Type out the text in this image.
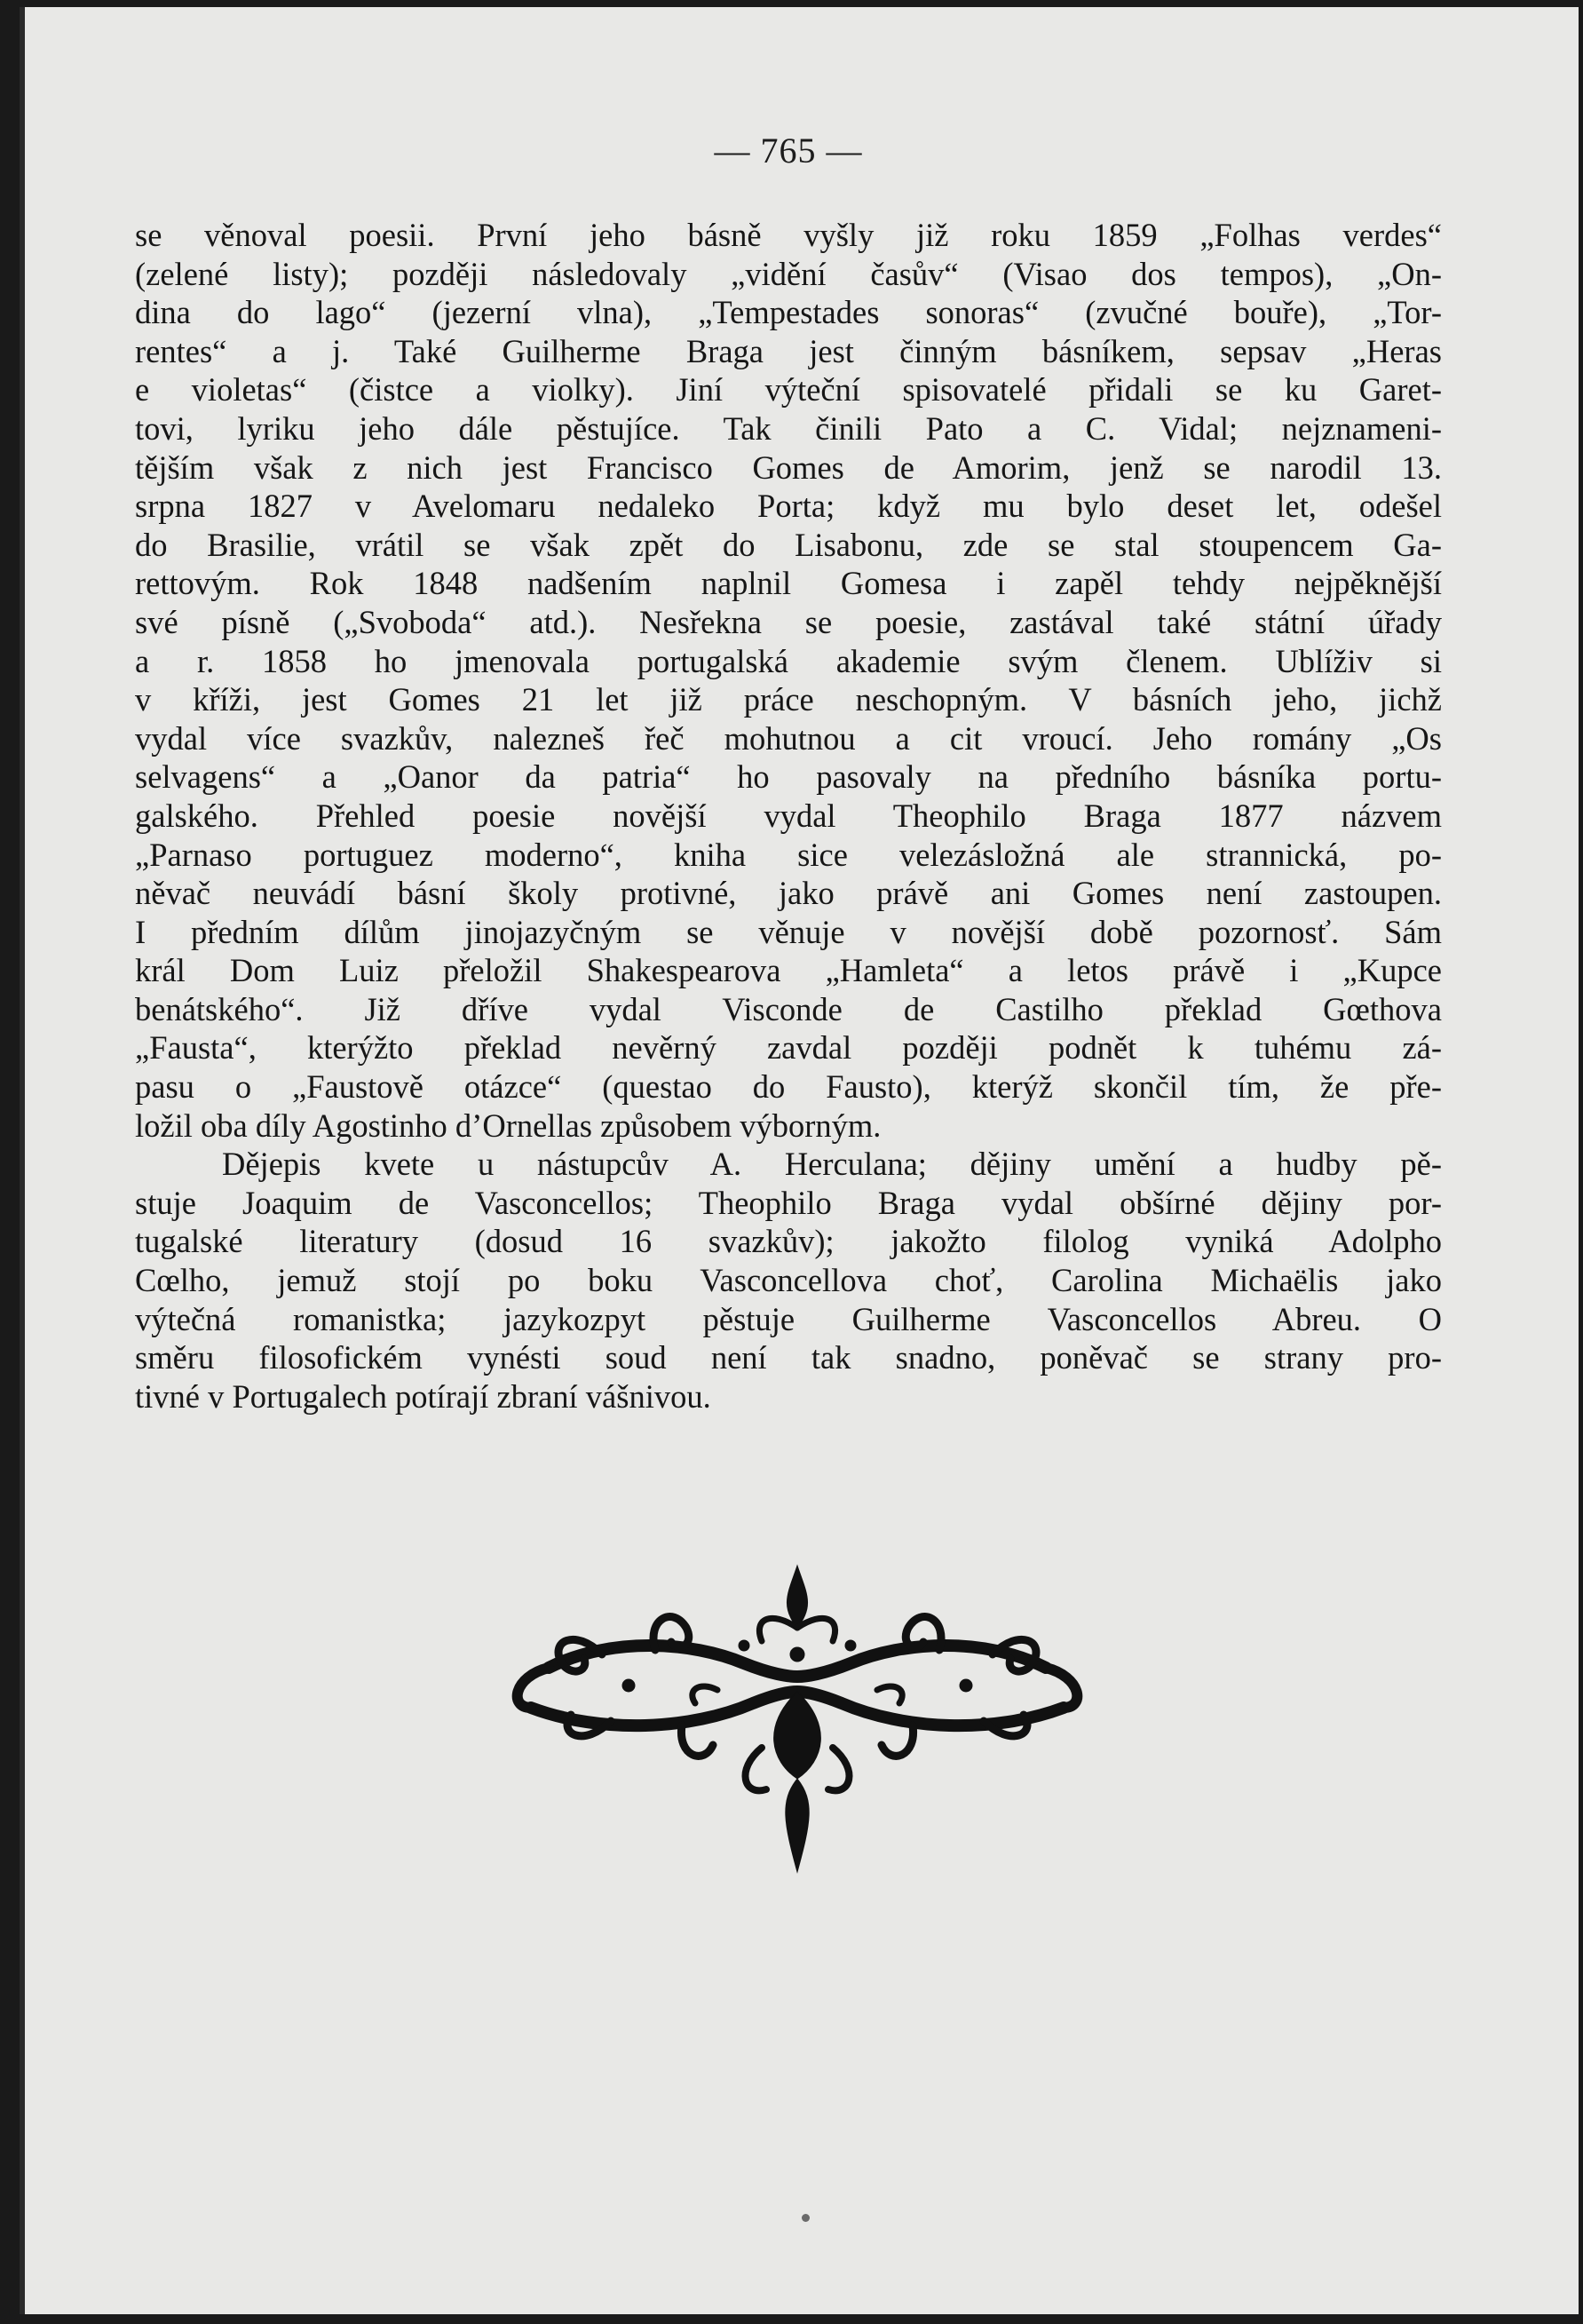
— 765 —
se věnoval poesii. První jeho básně vyšly již roku 1859 „Folhas verdes“
(zelené listy); později následovaly „vidění časův“ (Visao dos tempos), „On-
dina do lago“ (jezerní vlna), „Tempestades sonoras“ (zvučné bouře), „Tor-
rentes“ a j. Také Guilherme Braga jest činným básníkem, sepsav „Heras
e violetas“ (čistce a violky). Jiní výteční spisovatelé přidali se ku Garet-
tovi, lyriku jeho dále pěstujíce. Tak činili Pato a C. Vidal; nejznameni-
tějším však z nich jest Francisco Gomes de Amorim, jenž se narodil 13.
srpna 1827 v Avelomaru nedaleko Porta; když mu bylo deset let, odešel
do Brasilie, vrátil se však zpět do Lisabonu, zde se stal stoupencem Ga-
rettovým. Rok 1848 nadšením naplnil Gomesa i zapěl tehdy nejpěknější
své písně („Svoboda“ atd.). Nesřekna se poesie, zastával také státní úřady
a r. 1858 ho jmenovala portugalská akademie svým členem. Ublíživ si
v kříži, jest Gomes 21 let již práce neschopným. V básních jeho, jichž
vydal více svazkův, nalezneš řeč mohutnou a cit vroucí. Jeho romány „Os
selvagens“ a „Oanor da patria“ ho pasovaly na předního básníka portu-
galského. Přehled poesie novější vydal Theophilo Braga 1877 názvem
„Parnaso portuguez moderno“, kniha sice velezásložná ale strannická, po-
něvač neuvádí básní školy protivné, jako právě ani Gomes není zastoupen.
I předním dílům jinojazyčným se věnuje v novější době pozornosť. Sám
král Dom Luiz přeložil Shakespearova „Hamleta“ a letos právě i „Kupce
benátského“. Již dříve vydal Visconde de Castilho překlad Gœthova
„Fausta“, kterýžto překlad nevěrný zavdal později podnět k tuhému zá-
pasu o „Faustově otázce“ (questao do Fausto), kterýž skončil tím, že pře-
ložil oba díly Agostinho d’Ornellas způsobem výborným.
Dějepis kvete u nástupcův A. Herculana; dějiny umění a hudby pě-
stuje Joaquim de Vasconcellos; Theophilo Braga vydal obšírné dějiny por-
tugalské literatury (dosud 16 svazkův); jakožto filolog vyniká Adolpho
Cœlho, jemuž stojí po boku Vasconcellova choť, Carolina Michaëlis jako
výtečná romanistka; jazykozpyt pěstuje Guilherme Vasconcellos Abreu. O
směru filosofickém vynésti soud není tak snadno, poněvač se strany pro-
tivné v Portugalech potírají zbraní vášnivou.
